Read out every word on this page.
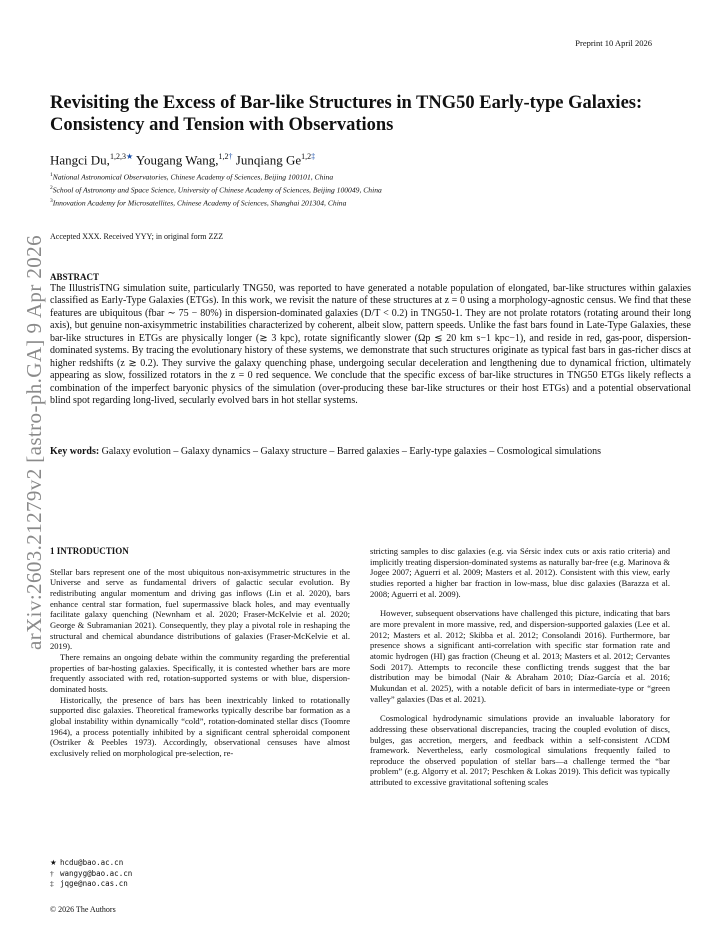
Preprint 10 April 2026
Revisiting the Excess of Bar-like Structures in TNG50 Early-type Galaxies: Consistency and Tension with Observations
Hangci Du,$^{1,2,3★}$ Yougang Wang,$^{1,2\dagger}$ Junqiang $Ge^{1,2\ddagger}$
$^1$National Astronomical Observatories, Chinese Academy of Sciences, Beijing 100101, China
$^2$School of Astronomy and Space Science, University of Chinese Academy of Sciences, Beijing 100049, China
$^3$Innovation Academy for Microsatellites, Chinese Academy of Sciences, Shanghai 201304, China
Accepted XXX. Received YYY; in original form ZZZ
ABSTRACT

The IllustrisTNG simulation suite, particularly TNG50, was reported to have generated a notable population of elongated, bar-like structures within galaxies classified as Early-Type Galaxies (ETGs). In this work, we revisit the nature of these structures at z = 0 using a morphology-agnostic census. We find that these features are ubiquitous (fbar ∼ 75 − 80%) in dispersion-dominated galaxies (D/T < 0.2) in TNG50-1. They are not prolate rotators (rotating around their long axis), but genuine non-axisymmetric instabilities characterized by coherent, albeit slow, pattern speeds. Unlike the fast bars found in Late-Type Galaxies, these bar-like structures in ETGs are physically longer (≳ 3 kpc), rotate significantly slower (Ωp ≲ 20 km s−1 kpc−1), and reside in red, gas-poor, dispersion-dominated systems. By tracing the evolutionary history of these systems, we demonstrate that such structures originate as typical fast bars in gas-richer discs at higher redshifts (z ≳ 0.2). They survive the galaxy quenching phase, undergoing secular deceleration and lengthening due to dynamical friction, ultimately appearing as slow, fossilized rotators in the z = 0 red sequence. We conclude that the specific excess of bar-like structures in TNG50 ETGs likely reflects a combination of the imperfect baryonic physics of the simulation (over-producing these bar-like structures or their host ETGs) and a potential observational blind spot regarding long-lived, secularly evolved bars in hot stellar systems.

Key words: Galaxy evolution – Galaxy dynamics – Galaxy structure – Barred galaxies – Early-type galaxies – Cosmological simulations
1 INTRODUCTION

Stellar bars represent one of the most ubiquitous non-axisymmetric structures in the Universe and serve as fundamental drivers of galactic secular evolution. By redistributing angular momentum and driving gas inflows (Lin et al. 2020), bars enhance central star formation, fuel supermassive black holes, and may eventually facilitate galaxy quenching (Newnham et al. 2020; Fraser-McKelvie et al. 2020; George & Subramanian 2021). Consequently, they play a pivotal role in reshaping the structural and chemical abundance distributions of galaxies (Fraser-McKelvie et al. 2019).

There remains an ongoing debate within the community regarding the preferential properties of bar-hosting galaxies. Specifically, it is contested whether bars are more frequently associated with red, rotation-supported systems or with blue, dispersion-dominated hosts.

Historically, the presence of bars has been inextricably linked to rotationally supported disc galaxies. Theoretical frameworks typically describe bar formation as a global instability within dynamically “cold”, rotation-dominated stellar discs (Toomre 1964), a process potentially inhibited by a significant central spheroidal component (Ostriker & Peebles 1973). Accordingly, observational censuses have almost exclusively relied on morphological pre-selection, re-

stricting samples to disc galaxies (e.g. via Sérsic index cuts or axis ratio criteria) and implicitly treating dispersion-dominated systems as naturally bar-free (e.g. Marinova & Jogee 2007; Aguerri et al. 2009; Masters et al. 2012). Consistent with this view, early studies reported a higher bar fraction in low-mass, blue disc galaxies (Barazza et al. 2008; Aguerri et al. 2009).

However, subsequent observations have challenged this picture, indicating that bars are more prevalent in more massive, red, and dispersion-supported galaxies (Lee et al. 2012; Masters et al. 2012; Skibba et al. 2012; Consolandi 2016). Furthermore, bar presence shows a significant anti-correlation with specific star formation rate and atomic hydrogen (HI) gas fraction (Cheung et al. 2013; Masters et al. 2012; Cervantes Sodi 2017). Attempts to reconcile these conflicting trends suggest that the bar distribution may be bimodal (Nair & Abraham 2010; Díaz-García et al. 2016; Mukundan et al. 2025), with a notable deficit of bars in intermediate-type or “green valley” galaxies (Das et al. 2021).

Cosmological hydrodynamic simulations provide an invaluable laboratory for addressing these observational discrepancies, tracing the coupled evolution of discs, bulges, gas accretion, mergers, and feedback within a self-consistent ΛCDM framework. Nevertheless, early cosmological simulations frequently failed to reproduce the observed population of stellar bars—a challenge termed the “bar problem” (e.g. Algorry et al. 2017; Peschken & Lokas 2019). This deficit was typically attributed to excessive gravitational softening scales

★ hcdu@bao.ac.cn
† wangyg@bao.ac.cn
‡ jqge@nao.cas.cn
© 2026 The Authors
arXiv:2603.21279v2 [astro-ph.GA] 9 Apr 2026
